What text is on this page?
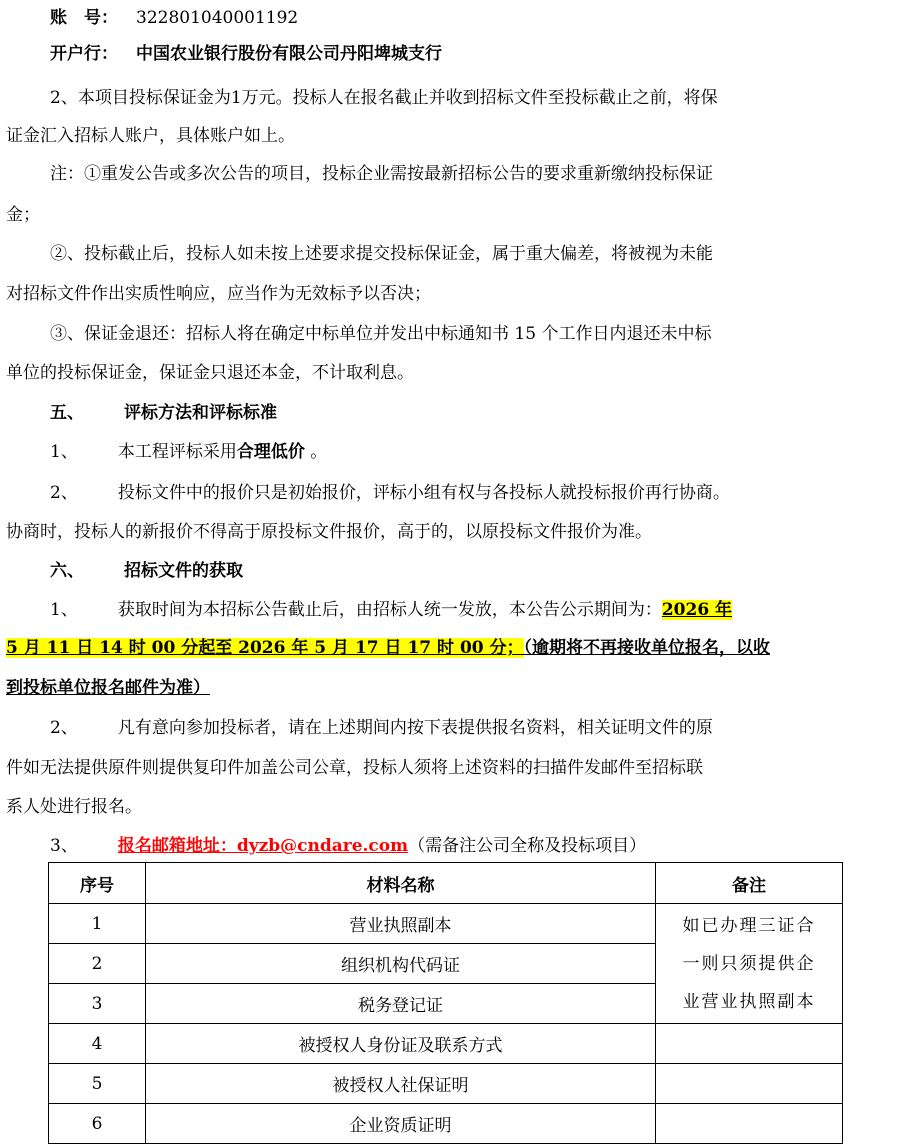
账　号： 322801040001192
开户行： 中国农业银行股份有限公司丹阳埤城支行
2、本项目投标保证金为1万元。投标人在报名截止并收到招标文件至投标截止之前，将保
证金汇入招标人账户，具体账户如上。
注：①重发公告或多次公告的项目，投标企业需按最新招标公告的要求重新缴纳投标保证
金；
②、投标截止后，投标人如未按上述要求提交投标保证金，属于重大偏差，将被视为未能
对招标文件作出实质性响应，应当作为无效标予以否决；
③、保证金退还：招标人将在确定中标单位并发出中标通知书 15 个工作日内退还未中标
单位的投标保证金，保证金只退还本金，不计取利息。
五、 评标方法和评标标准
1、 本工程评标采用合理低价 。
2、 投标文件中的报价只是初始报价，评标小组有权与各投标人就投标报价再行协商。
协商时，投标人的新报价不得高于原投标文件报价，高于的，以原投标文件报价为准。
六、 招标文件的获取
1、 获取时间为本招标公告截止后，由招标人统一发放，本公告公示期间为：2026 年
5 月 11 日 14 时 00 分起至 2026 年 5 月 17 日 17 时 00 分；（逾期将不再接收单位报名，以收
到投标单位报名邮件为准）
2、 凡有意向参加投标者，请在上述期间内按下表提供报名资料，相关证明文件的原
件如无法提供原件则提供复印件加盖公司公章，投标人须将上述资料的扫描件发邮件至招标联
系人处进行报名。
3、 报名邮箱地址：dyzb@cndare.com（需备注公司全称及投标项目）
序号	材料名称	备注
1	营业执照副本	如已办理三证合
一则只须提供企
业营业执照副本

2	组织机构代码证	
3	税务登记证	
4	被授权人身份证及联系方式	
5	被授权人社保证明	
6	企业资质证明	
